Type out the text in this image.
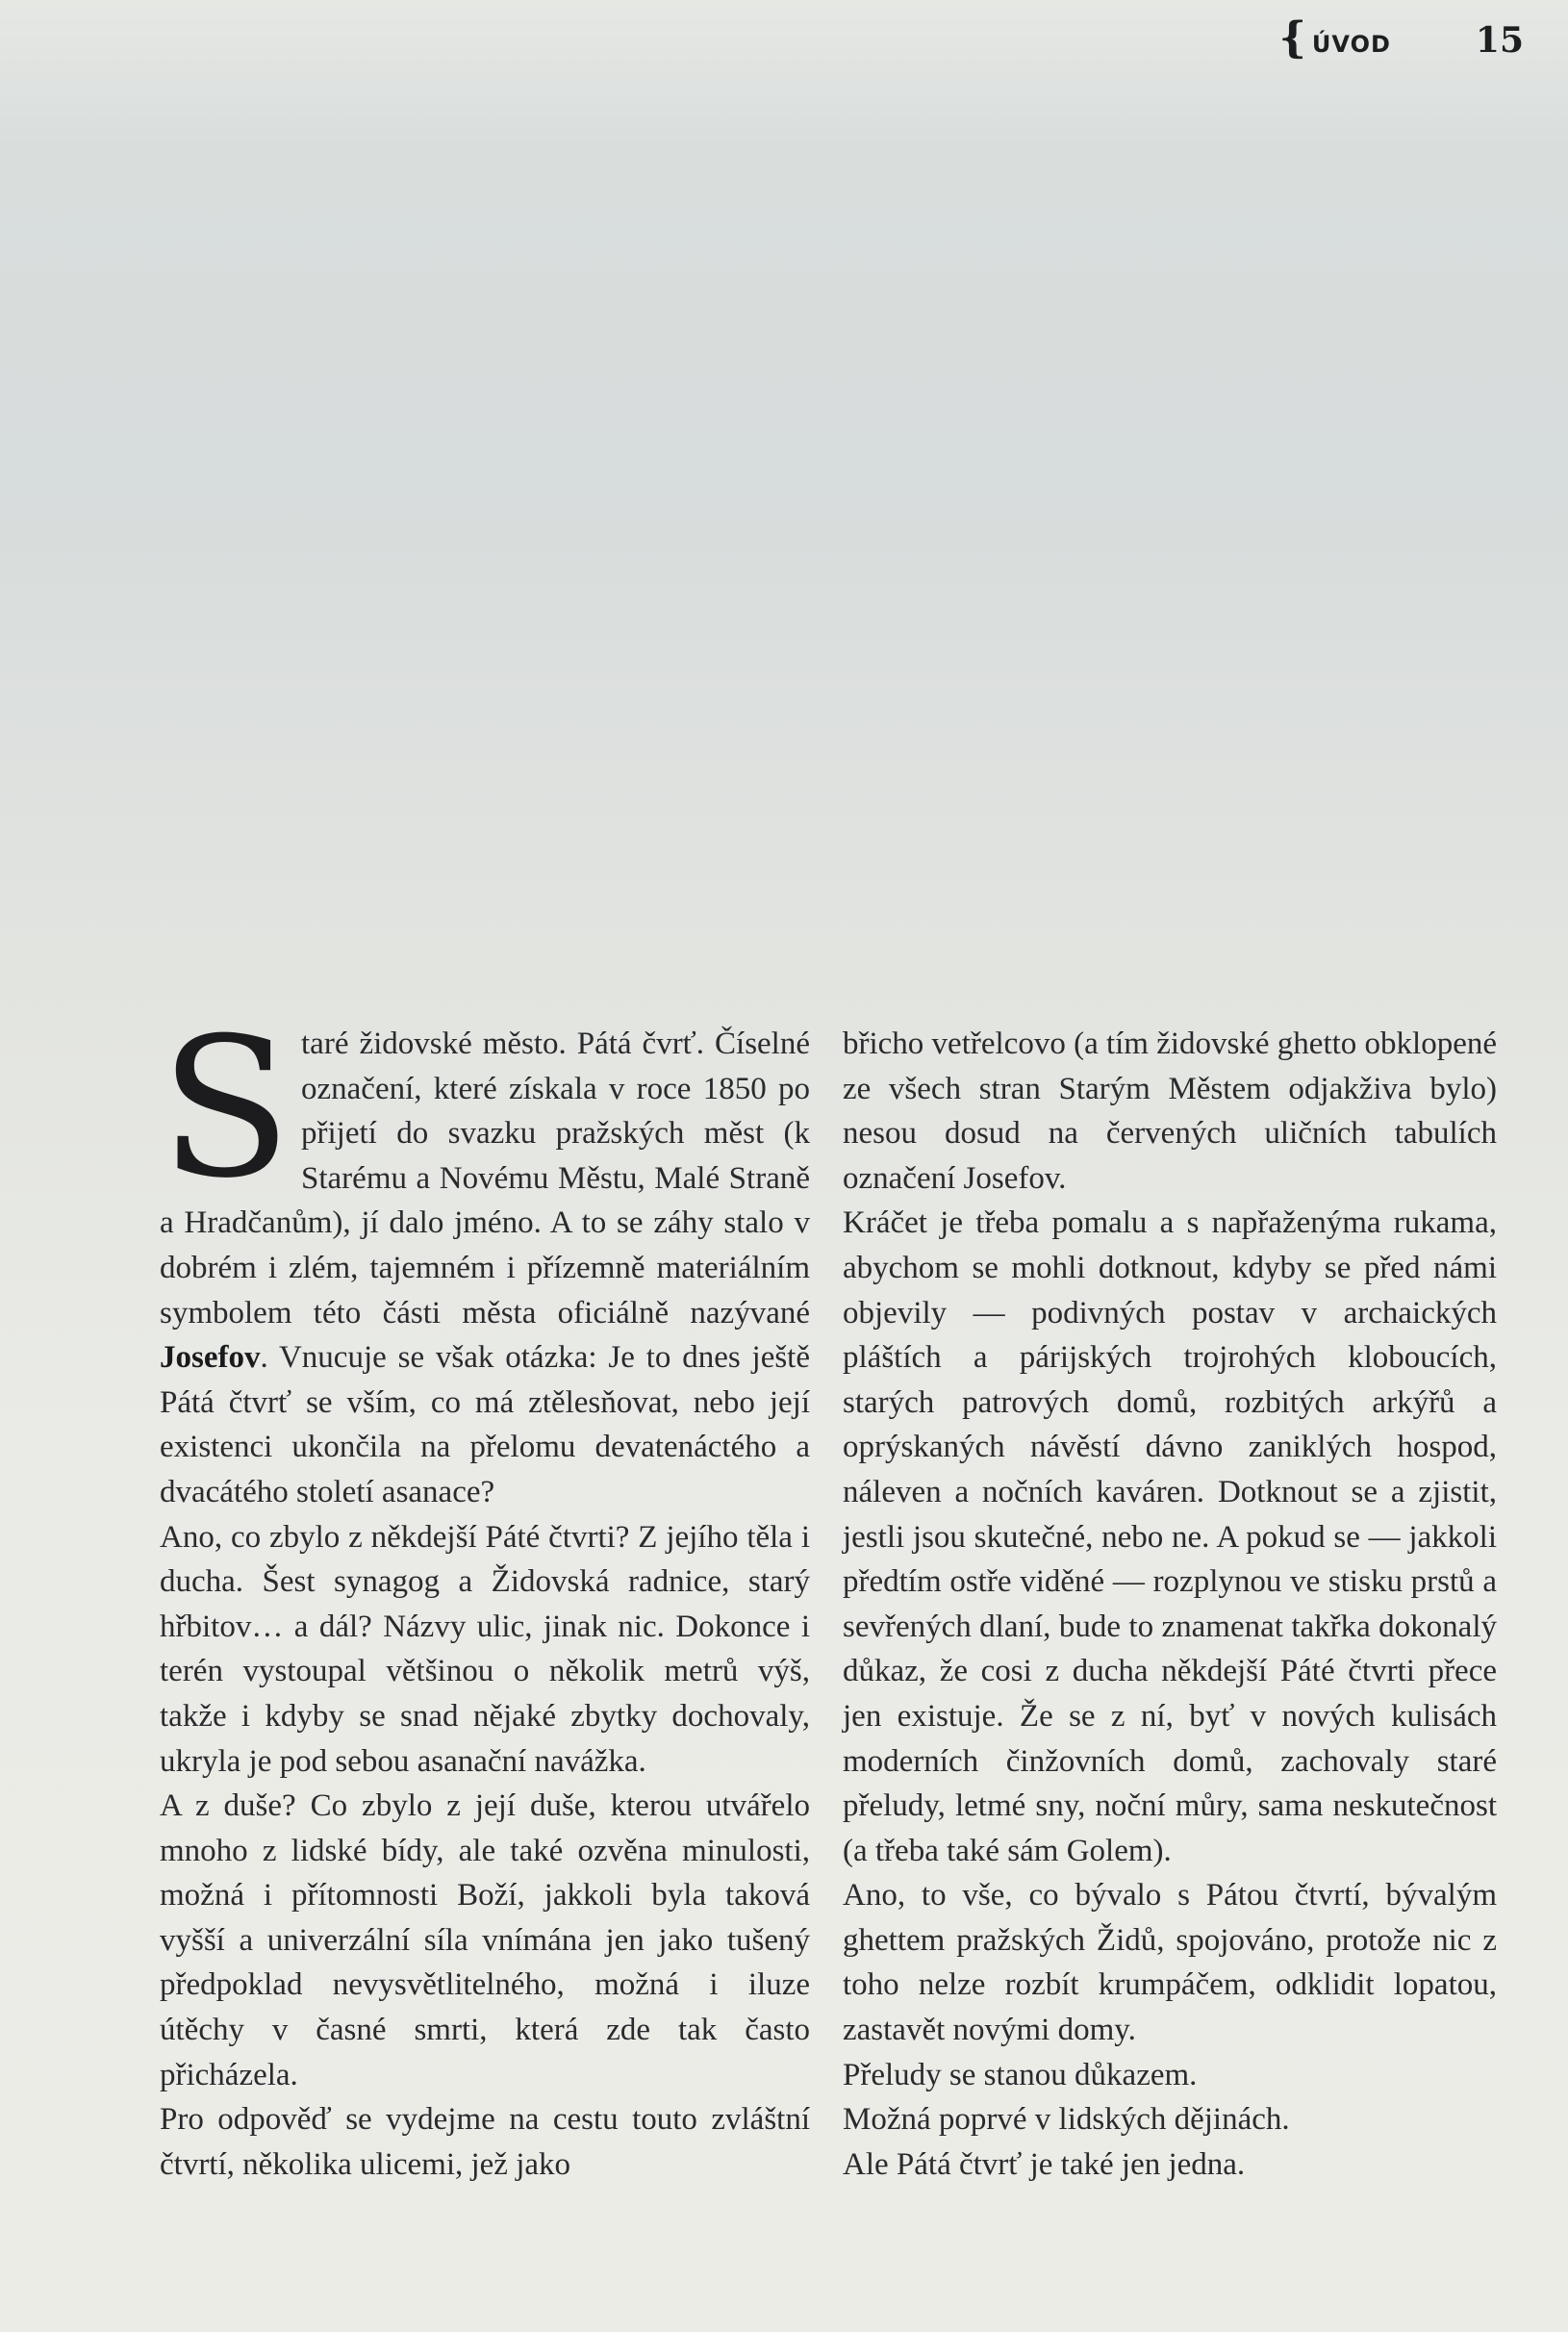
{ ÚVOD 15

Staré židovské město. Pátá čvrť. Číselné označení, které získala v roce 1850 po přijetí do svazku pražských měst (k Starému a Novému Městu, Malé Straně a Hradčanům), jí dalo jméno. A to se záhy stalo v dobrém i zlém, tajemném i přízemně materiálním symbolem této části města oficiálně nazývané Josefov. Vnucuje se však otázka: Je to dnes ještě Pátá čtvrť se vším, co má ztělesňovat, nebo její existenci ukončila na přelomu devatenáctého a dvacátého století asanace?

Ano, co zbylo z někdejší Páté čtvrti? Z jejího těla i ducha. Šest synagog a Židovská radnice, starý hřbitov… a dál? Názvy ulic, jinak nic. Dokonce i terén vystoupal většinou o několik metrů výš, takže i kdyby se snad nějaké zbytky dochovaly, ukryla je pod sebou asanační navážka.

A z duše? Co zbylo z její duše, kterou utvářelo mnoho z lidské bídy, ale také ozvěna minulosti, možná i přítomnosti Boží, jakkoli byla taková vyšší a univerzální síla vnímána jen jako tušený předpoklad nevysvětlitelného, možná i iluze útěchy v časné smrti, která zde tak často přicházela.

Pro odpověď se vydejme na cestu touto zvláštní čtvrtí, několika ulicemi, jež jako

břicho vetřelcovo (a tím židovské ghetto obklopené ze všech stran Starým Městem odjakživa bylo) nesou dosud na červených uličních tabulích označení Josefov.

Kráčet je třeba pomalu a s napřaženýma rukama, abychom se mohli dotknout, kdyby se před námi objevily — podivných postav v archaických pláštích a párijských trojrohých kloboucích, starých patrových domů, rozbitých arkýřů a oprýskaných návěstí dávno zaniklých hospod, náleven a nočních kaváren. Dotknout se a zjistit, jestli jsou skutečné, nebo ne. A pokud se — jakkoli předtím ostře viděné — rozplynou ve stisku prstů a sevřených dlaní, bude to znamenat takřka dokonalý důkaz, že cosi z ducha někdejší Páté čtvrti přece jen existuje. Že se z ní, byť v nových kulisách moderních činžovních domů, zachovaly staré přeludy, letmé sny, noční můry, sama neskutečnost (a třeba také sám Golem).

Ano, to vše, co bývalo s Pátou čtvrtí, bývalým ghettem pražských Židů, spojováno, protože nic z toho nelze rozbít krumpáčem, odklidit lopatou, zastavět novými domy.

Přeludy se stanou důkazem.

Možná poprvé v lidských dějinách.

Ale Pátá čtvrť je také jen jedna.
